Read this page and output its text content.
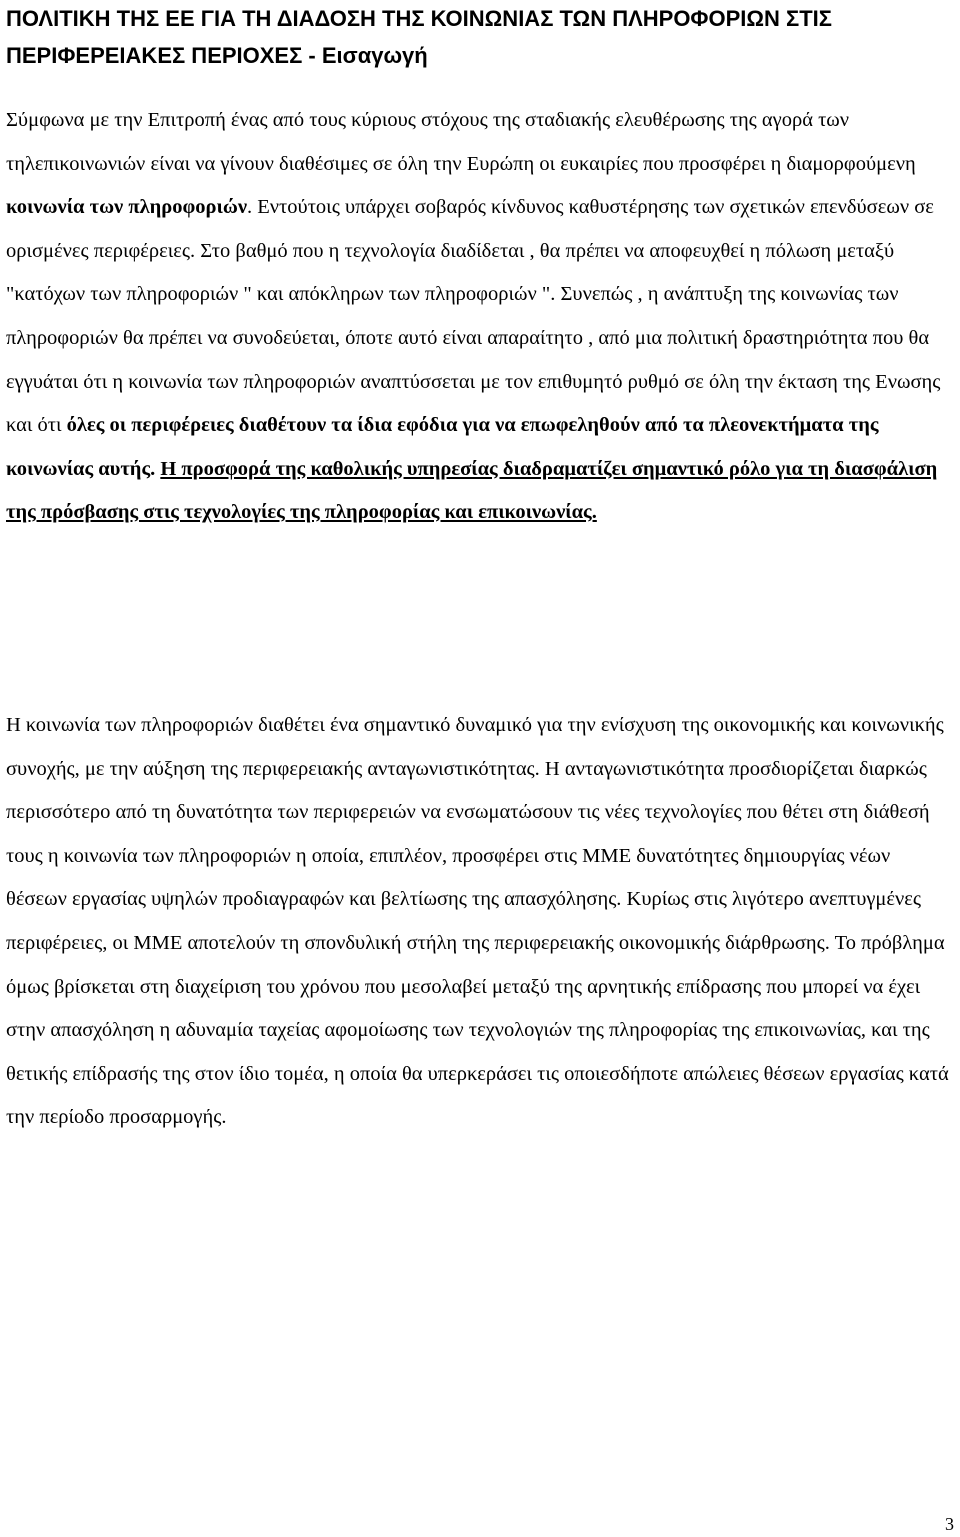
ΠΟΛΙΤΙΚΗ ΤΗΣ ΕΕ ΓΙΑ ΤΗ ΔΙΑΔΟΣΗ ΤΗΣ ΚΟΙΝΩΝΙΑΣ ΤΩΝ ΠΛΗΡΟΦΟΡΙΩΝ ΣΤΙΣ ΠΕΡΙΦΕΡΕΙΑΚΕΣ ΠΕΡΙΟΧΕΣ - Εισαγωγή

Σύμφωνα με την Επιτροπή ένας από τους κύριους στόχους της σταδιακής ελευθέρωσης της αγορά των τηλεπικοινωνιών είναι να γίνουν διαθέσιμες σε όλη την Ευρώπη οι ευκαιρίες που προσφέρει η διαμορφούμενη κοινωνία των πληροφοριών. Εντούτοις υπάρχει σοβαρός κίνδυνος καθυστέρησης των σχετικών επενδύσεων σε ορισμένες περιφέρειες. Στο βαθμό που η τεχνολογία διαδίδεται , θα πρέπει να αποφευχθεί η πόλωση μεταξύ "κατόχων των πληροφοριών " και απόκληρων των πληροφοριών ". Συνεπώς , η ανάπτυξη της κοινωνίας των πληροφοριών θα πρέπει να συνοδεύεται, όποτε αυτό είναι απαραίτητο , από μια πολιτική δραστηριότητα που θα εγγυάται ότι η κοινωνία των πληροφοριών αναπτύσσεται με τον επιθυμητό ρυθμό σε όλη την έκταση της Ενωσης και ότι όλες οι περιφέρειες διαθέτουν τα ίδια εφόδια για να επωφεληθούν από τα πλεονεκτήματα της κοινωνίας αυτής. Η προσφορά της καθολικής υπηρεσίας διαδραματίζει σημαντικό ρόλο για τη διασφάλιση της πρόσβασης στις τεχνολογίες της πληροφορίας και επικοινωνίας.

Η κοινωνία των πληροφοριών διαθέτει ένα σημαντικό δυναμικό για την ενίσχυση της οικονομικής και κοινωνικής συνοχής, με την αύξηση της περιφερειακής ανταγωνιστικότητας. Η ανταγωνιστικότητα προσδιορίζεται διαρκώς περισσότερο από τη δυνατότητα των περιφερειών να ενσωματώσουν τις νέες τεχνολογίες που θέτει στη διάθεσή τους η κοινωνία των πληροφοριών η οποία, επιπλέον, προσφέρει στις ΜΜΕ δυνατότητες δημιουργίας νέων θέσεων εργασίας υψηλών προδιαγραφών και βελτίωσης της απασχόλησης. Κυρίως στις λιγότερο ανεπτυγμένες περιφέρειες, οι ΜΜΕ αποτελούν τη σπονδυλική στήλη της περιφερειακής οικονομικής διάρθρωσης. Το πρόβλημα όμως βρίσκεται στη διαχείριση του χρόνου που μεσολαβεί μεταξύ της αρνητικής επίδρασης που μπορεί να έχει στην απασχόληση η αδυναμία ταχείας αφομοίωσης των τεχνολογιών της πληροφορίας της επικοινωνίας, και της θετικής επίδρασής της στον ίδιο τομέα, η οποία θα υπερκεράσει τις οποιεσδήποτε απώλειες θέσεων εργασίας κατά την περίοδο προσαρμογής.

3
